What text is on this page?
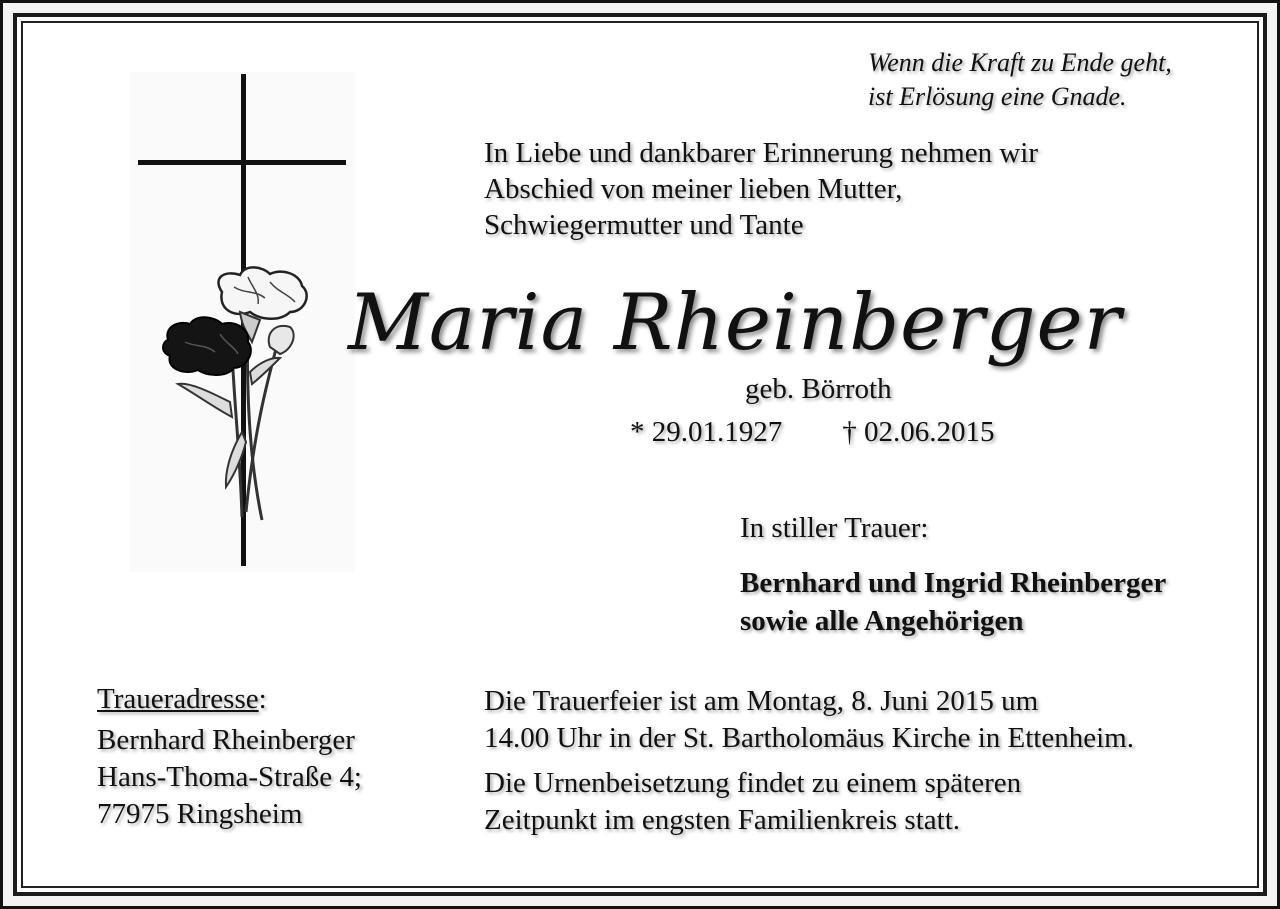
Wenn die Kraft zu Ende geht,
ist Erlösung eine Gnade.
In Liebe und dankbarer Erinnerung nehmen wir
Abschied von meiner lieben Mutter,
Schwiegermutter und Tante
Maria Rheinberger
geb. Börroth
* 29.01.1927 † 02.06.2015
In stiller Trauer:
Bernhard und Ingrid Rheinberger
sowie alle Angehörigen
Traueradresse:
Bernhard Rheinberger
Hans-Thoma-Straße 4;
77975 Ringsheim
Die Trauerfeier ist am Montag, 8. Juni 2015 um
14.00 Uhr in der St. Bartholomäus Kirche in Ettenheim.
Die Urnenbeisetzung findet zu einem späteren
Zeitpunkt im engsten Familienkreis statt.
